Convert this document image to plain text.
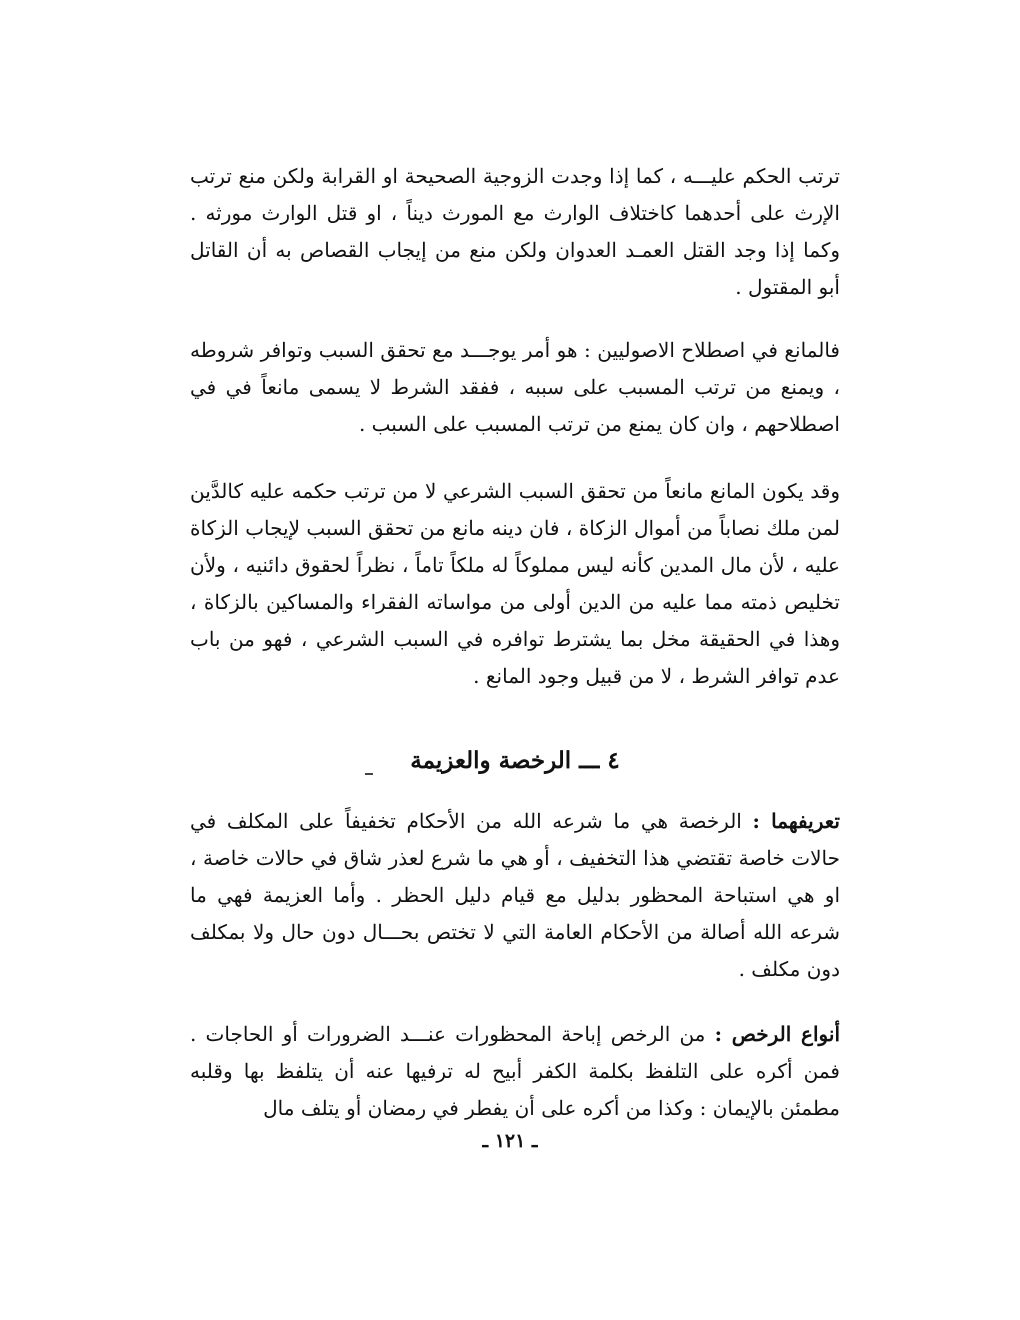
ترتب الحكم عليـــه ، كما إذا وجدت الزوجية الصحيحة او القرابة ولكن منع ترتب الإرث على أحدهما كاختلاف الوارث مع المورث ديناً ، او قتل الوارث مورثه . وكما إذا وجد القتل العمـد العدوان ولكن منع من إيجاب القصاص به أن القاتل أبو المقتول .

فالمانع في اصطلاح الاصوليين : هو أمر يوجـــد مع تحقق السبب وتوافر شروطه ، ويمنع من ترتب المسبب على سببه ، ففقد الشرط لا يسمى مانعاً في في اصطلاحهم ، وان كان يمنع من ترتب المسبب على السبب .

وقد يكون المانع مانعاً من تحقق السبب الشرعي لا من ترتب حكمه عليه كالدَّين لمن ملك نصاباً من أموال الزكاة ، فان دينه مانع من تحقق السبب لإيجاب الزكاة عليه ، لأن مال المدين كأنه ليس مملوكاً له ملكاً تاماً ، نظراً لحقوق دائنيه ، ولأن تخليص ذمته مما عليه من الدين أولى من مواساته الفقراء والمساكين بالزكاة ، وهذا في الحقيقة مخل بما يشترط توافره في السبب الشرعي ، فهو من باب عدم توافر الشرط ، لا من قبيل وجود المانع .

٤ ـــ الرخصة والعزيمة

تعريفهما : الرخصة هي ما شرعه الله من الأحكام تخفيفاً على المكلف في حالات خاصة تقتضي هذا التخفيف ، أو هي ما شرع لعذر شاق في حالات خاصة ، او هي استباحة المحظور بدليل مع قيام دليل الحظر . وأما العزيمة فهي ما شرعه الله أصالة من الأحكام العامة التي لا تختص بحـــال دون حال ولا بمكلف دون مكلف .

أنواع الرخص : من الرخص إباحة المحظورات عنـــد الضرورات أو الحاجات . فمن أكره على التلفظ بكلمة الكفر أبيح له ترفيها عنه أن يتلفظ بها وقلبه مطمئن بالإيمان : وكذا من أكره على أن يفطر في رمضان أو يتلف مال

ـ ١٢١ ـ
